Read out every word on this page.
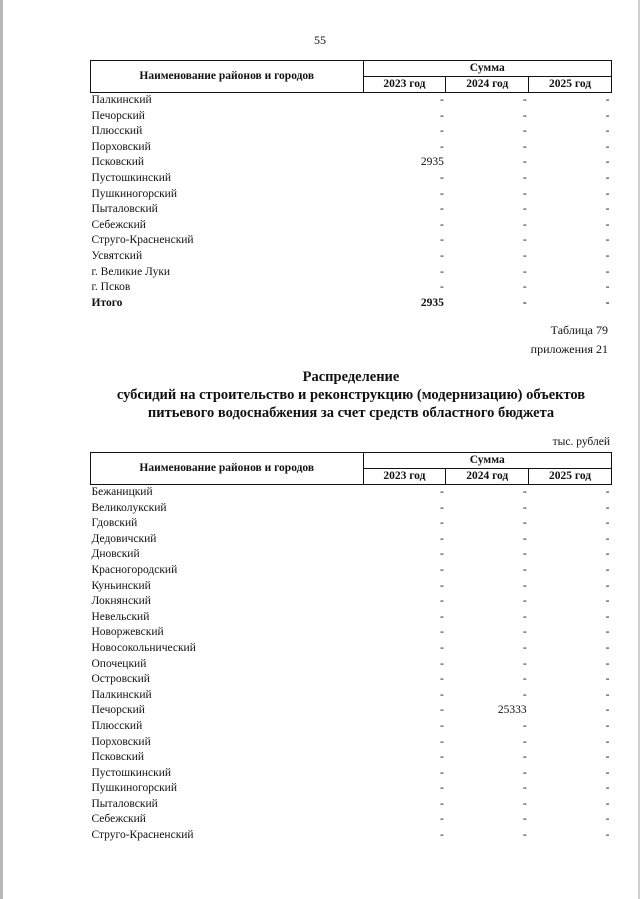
55
Наименование районов и городов	Сумма		
	2023 год	2024 год	2025 год
Палкинский	-	-	-
Печорский	-	-	-
Плюсский	-	-	-
Порховский	-	-	-
Псковский	2935	-	-
Пустошкинский	-	-	-
Пушкиногорский	-	-	-
Пыталовский	-	-	-
Себежский	-	-	-
Струго-Красненский	-	-	-
Усвятский	-	-	-
г. Великие Луки	-	-	-
г. Псков	-	-	-
Итого	2935	-	-
Таблица 79
приложения 21
Распределение
субсидий на строительство и реконструкцию (модернизацию) объектов
питьевого водоснабжения за счет средств областного бюджета
тыс. рублей
Наименование районов и городов	Сумма		
	2023 год	2024 год	2025 год
Бежаницкий	-	-	-
Великолукский	-	-	-
Гдовский	-	-	-
Дедовичский	-	-	-
Дновский	-	-	-
Красногородский	-	-	-
Куньинский	-	-	-
Локнянский	-	-	-
Невельский	-	-	-
Новоржевский	-	-	-
Новосокольнический	-	-	-
Опочецкий	-	-	-
Островский	-	-	-
Палкинский	-	-	-
Печорский	-	25333	-
Плюсский	-	-	-
Порховский	-	-	-
Псковский	-	-	-
Пустошкинский	-	-	-
Пушкиногорский	-	-	-
Пыталовский	-	-	-
Себежский	-	-	-
Струго-Красненский	-	-	-
